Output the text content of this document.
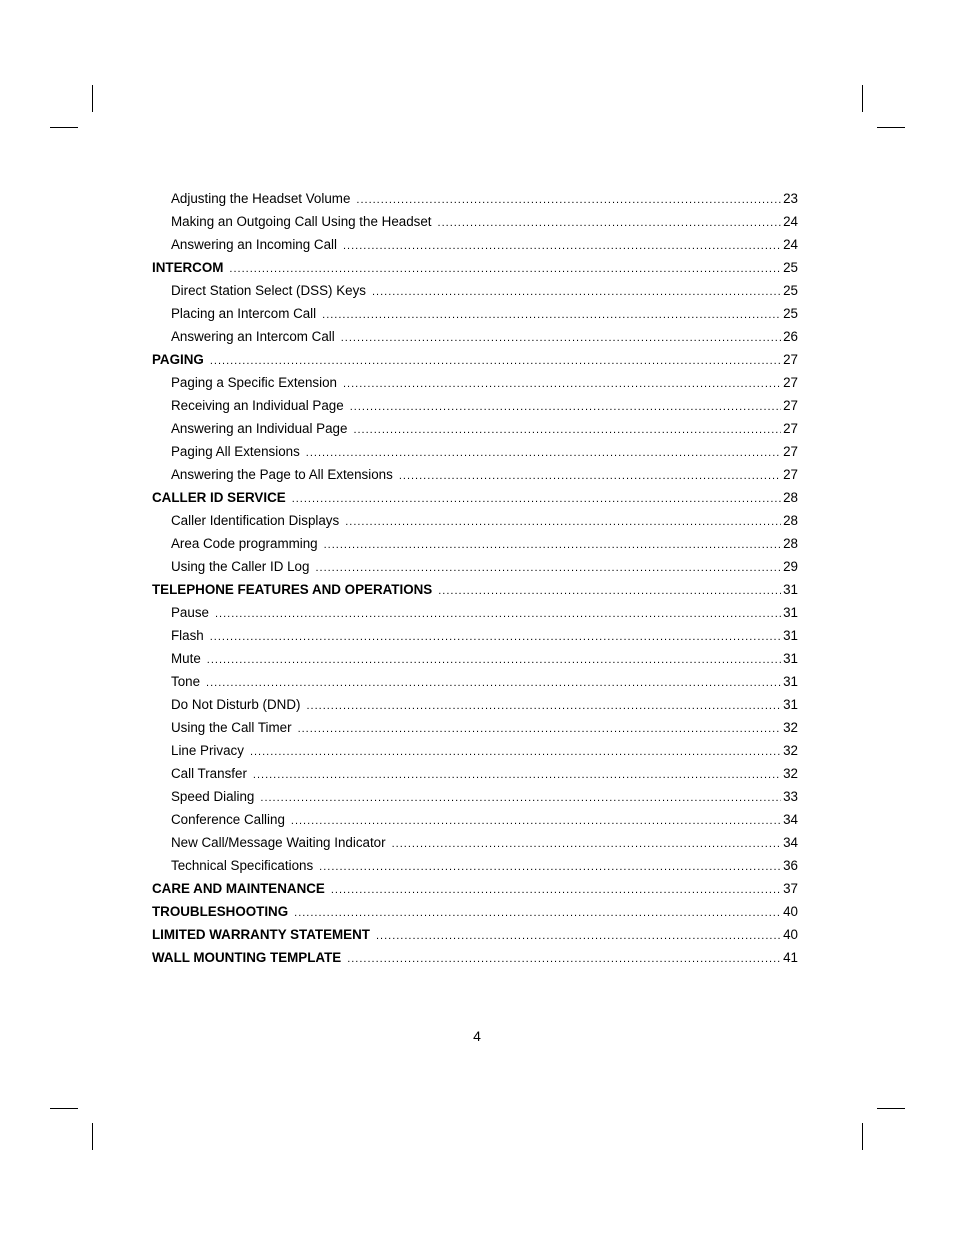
Adjusting the Headset Volume .....	23
Making an Outgoing Call Using the Headset .....	24
Answering an Incoming Call .....	24
INTERCOM .....	25
Direct Station Select (DSS) Keys .....	25
Placing an Intercom Call .....	25
Answering an Intercom Call .....	26
PAGING .....	27
Paging a Specific Extension .....	27
Receiving an Individual Page .....	27
Answering an Individual Page .....	27
Paging All Extensions .....	27
Answering the Page to All Extensions .....	27
CALLER ID SERVICE .....	28
Caller Identification Displays .....	28
Area Code programming .....	28
Using the Caller ID Log .....	29
TELEPHONE FEATURES AND OPERATIONS .....	31
Pause .....	31
Flash .....	31
Mute .....	31
Tone .....	31
Do Not Disturb (DND) .....	31
Using the Call Timer .....	32
Line Privacy .....	32
Call Transfer .....	32
Speed Dialing .....	33
Conference Calling .....	34
New Call/Message Waiting Indicator .....	34
Technical Specifications .....	36
CARE AND MAINTENANCE .....	37
TROUBLESHOOTING .....	40
LIMITED WARRANTY STATEMENT .....	40
WALL MOUNTING TEMPLATE .....	41
4
